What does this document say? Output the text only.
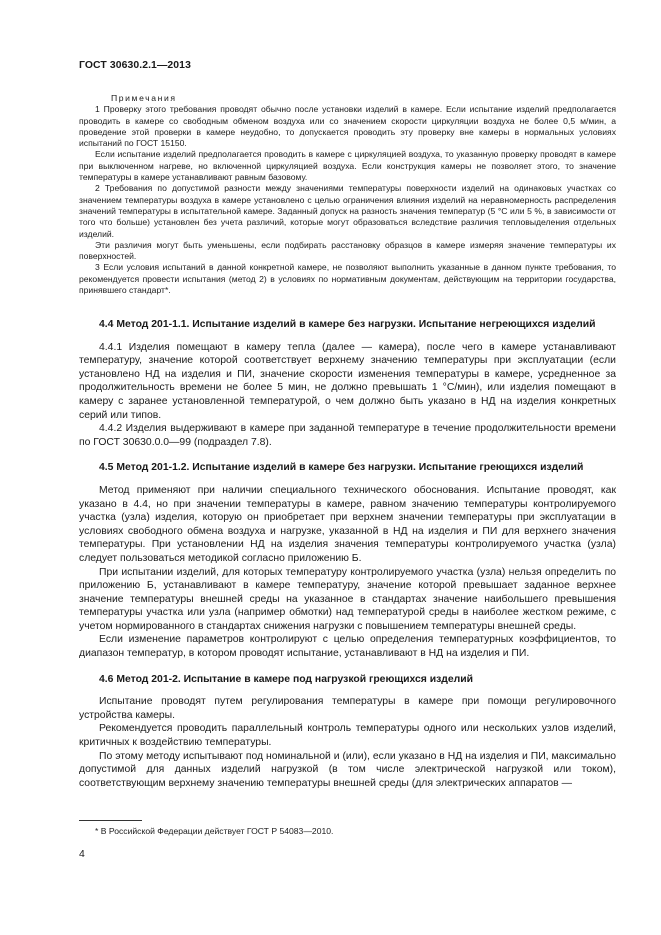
ГОСТ 30630.2.1—2013

Примечания

1 Проверку этого требования проводят обычно после установки изделий в камере. Если испытание изделий предполагается проводить в камере со свободным обменом воздуха или со значением скорости циркуляции воздуха не более 0,5 м/мин, а проведение этой проверки в камере неудобно, то допускается проводить эту проверку вне камеры в нормальных условиях испытаний по ГОСТ 15150.

Если испытание изделий предполагается проводить в камере с циркуляцией воздуха, то указанную проверку проводят в камере при выключенном нагреве, но включенной циркуляцией воздуха. Если конструкция камеры не позволяет этого, то значение температуры в камере устанавливают равным базовому.

2 Требования по допустимой разности между значениями температуры поверхности изделий на одинаковых участках со значением температуры воздуха в камере установлено с целью ограничения влияния изделий на неравномерность распределения значений температуры в испытательной камере. Заданный допуск на разность значения температур (5 °С или 5 %, в зависимости от того что больше) установлен без учета различий, которые могут образоваться вследствие различия тепловыделения отдельных изделий.

Эти различия могут быть уменьшены, если подбирать расстановку образцов в камере измеряя значение температуры их поверхностей.

3 Если условия испытаний в данной конкретной камере, не позволяют выполнить указанные в данном пункте требования, то рекомендуется провести испытания (метод 2) в условиях по нормативным документам, действующим на территории государства, принявшего стандарт*.

4.4 Метод 201-1.1. Испытание изделий в камере без нагрузки. Испытание негреющихся изделий

4.4.1 Изделия помещают в камеру тепла (далее — камера), после чего в камере устанавливают температуру, значение которой соответствует верхнему значению температуры при эксплуатации (если установлено НД на изделия и ПИ, значение скорости изменения температуры в камере, усредненное за продолжительность времени не более 5 мин, не должно превышать 1 °С/мин), или изделия помещают в камеру с заранее установленной температурой, о чем должно быть указано в НД на изделия конкретных серий или типов.

4.4.2 Изделия выдерживают в камере при заданной температуре в течение продолжительности времени по ГОСТ 30630.0.0—99 (подраздел 7.8).

4.5 Метод 201-1.2. Испытание изделий в камере без нагрузки. Испытание греющихся изделий

Метод применяют при наличии специального технического обоснования. Испытание проводят, как указано в 4.4, но при значении температуры в камере, равном значению температуры контролируемого участка (узла) изделия, которую он приобретает при верхнем значении температуры при эксплуатации в условиях свободного обмена воздуха и нагрузке, указанной в НД на изделия и ПИ для верхнего значения температуры. При установлении НД на изделия значения температуры контролируемого участка (узла) следует пользоваться методикой согласно приложению Б.

При испытании изделий, для которых температуру контролируемого участка (узла) нельзя определить по приложению Б, устанавливают в камере температуру, значение которой превышает заданное верхнее значение температуры внешней среды на указанное в стандартах значение наибольшего превышения температуры участка или узла (например обмотки) над температурой среды в наиболее жестком режиме, с учетом нормированного в стандартах снижения нагрузки с повышением температуры внешней среды.

Если изменение параметров контролируют с целью определения температурных коэффициентов, то диапазон температур, в котором проводят испытание, устанавливают в НД на изделия и ПИ.

4.6 Метод 201-2. Испытание в камере под нагрузкой греющихся изделий

Испытание проводят путем регулирования температуры в камере при помощи регулировочного устройства камеры.

Рекомендуется проводить параллельный контроль температуры одного или нескольких узлов изделий, критичных к воздействию температуры.

По этому методу испытывают под номинальной и (или), если указано в НД на изделия и ПИ, максимально допустимой для данных изделий нагрузкой (в том числе электрической нагрузкой или током), соответствующим верхнему значению температуры внешней среды (для электрических аппаратов —

* В Российской Федерации действует ГОСТ Р 54083—2010.
4
